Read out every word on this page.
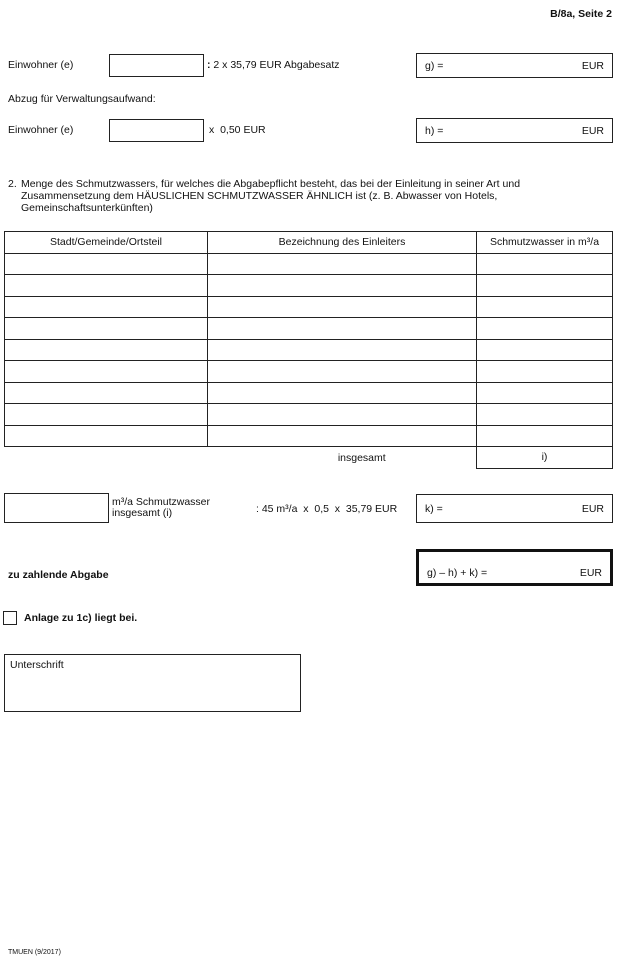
B/8a, Seite 2
Einwohner (e)	: 2 x 35,79 EUR Abgabesatz	g) =	EUR
Abzug für Verwaltungsaufwand:
Einwohner (e)	x  0,50 EUR	h) =	EUR
2. Menge des Schmutzwassers, für welches die Abgabepflicht besteht, das bei der Einleitung in seiner Art und
Zusammensetzung dem HÄUSLICHEN SCHMUTZWASSER ÄHNLICH ist (z. B. Abwasser von Hotels,
Gemeinschaftsunterkünften)
Stadt/Gemeinde/Ortsteil	Bezeichnung des Einleiters	Schmutzwasser in m³/a

	insgesamt	i)
m³/a Schmutzwasser
insgesamt (i)	: 45 m³/a  x  0,5  x  35,79 EUR	k) =	EUR
zu zahlende Abgabe	g) – h) + k) =	EUR
Anlage zu 1c) liegt bei.
Unterschrift
TMUEN (9/2017)
